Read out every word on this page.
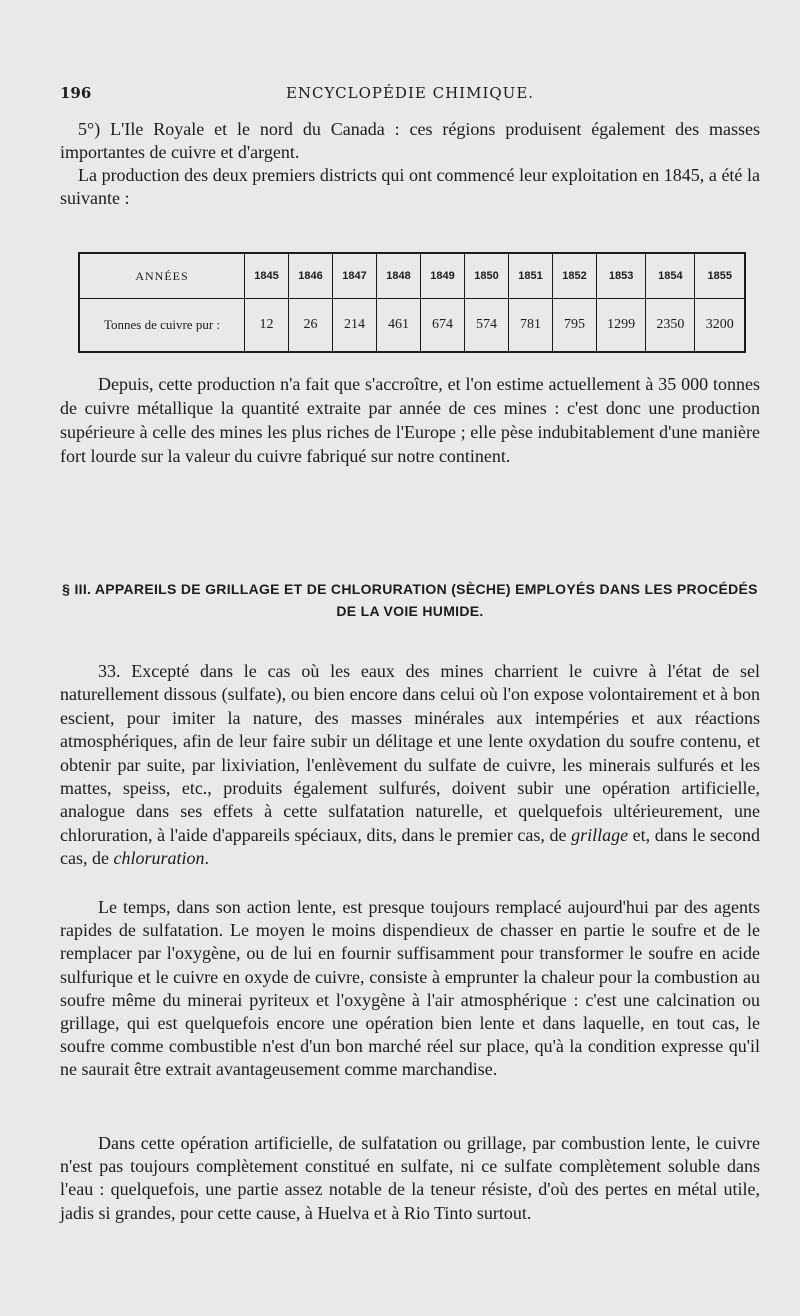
196	ENCYCLOPÉDIE CHIMIQUE.

5°) L'Ile Royale et le nord du Canada : ces régions produisent également des masses importantes de cuivre et d'argent.

La production des deux premiers districts qui ont commencé leur exploitation en 1845, a été la suivante :

ANNÉES	1845	1846	1847	1848	1849	1850	1851	1852	1853	1854	1855
Tonnes de cuivre pur :	12	26	214	461	674	574	781	795	1299	2350	3200

Depuis, cette production n'a fait que s'accroître, et l'on estime actuellement à 35 000 tonnes de cuivre métallique la quantité extraite par année de ces mines : c'est donc une production supérieure à celle des mines les plus riches de l'Europe ; elle pèse indubitablement d'une manière fort lourde sur la valeur du cuivre fabriqué sur notre continent.

§ III. APPAREILS DE GRILLAGE ET DE CHLORURATION (SÈCHE) EMPLOYÉS DANS LES PROCÉDÉS DE LA VOIE HUMIDE.

33. Excepté dans le cas où les eaux des mines charrient le cuivre à l'état de sel naturellement dissous (sulfate), ou bien encore dans celui où l'on expose volontairement et à bon escient, pour imiter la nature, des masses minérales aux intempéries et aux réactions atmosphériques, afin de leur faire subir un délitage et une lente oxydation du soufre contenu, et obtenir par suite, par lixiviation, l'enlèvement du sulfate de cuivre, les minerais sulfurés et les mattes, speiss, etc., produits également sulfurés, doivent subir une opération artificielle, analogue dans ses effets à cette sulfatation naturelle, et quelquefois ultérieurement, une chloruration, à l'aide d'appareils spéciaux, dits, dans le premier cas, de grillage et, dans le second cas, de chloruration.

Le temps, dans son action lente, est presque toujours remplacé aujourd'hui par des agents rapides de sulfatation. Le moyen le moins dispendieux de chasser en partie le soufre et de le remplacer par l'oxygène, ou de lui en fournir suffisamment pour transformer le soufre en acide sulfurique et le cuivre en oxyde de cuivre, consiste à emprunter la chaleur pour la combustion au soufre même du minerai pyriteux et l'oxygène à l'air atmosphérique : c'est une calcination ou grillage, qui est quelquefois encore une opération bien lente et dans laquelle, en tout cas, le soufre comme combustible n'est d'un bon marché réel sur place, qu'à la condition expresse qu'il ne saurait être extrait avantageusement comme marchandise.

Dans cette opération artificielle, de sulfatation ou grillage, par combustion lente, le cuivre n'est pas toujours complètement constitué en sulfate, ni ce sulfate complètement soluble dans l'eau : quelquefois, une partie assez notable de la teneur résiste, d'où des pertes en métal utile, jadis si grandes, pour cette cause, à Huelva et à Rio Tinto surtout.
